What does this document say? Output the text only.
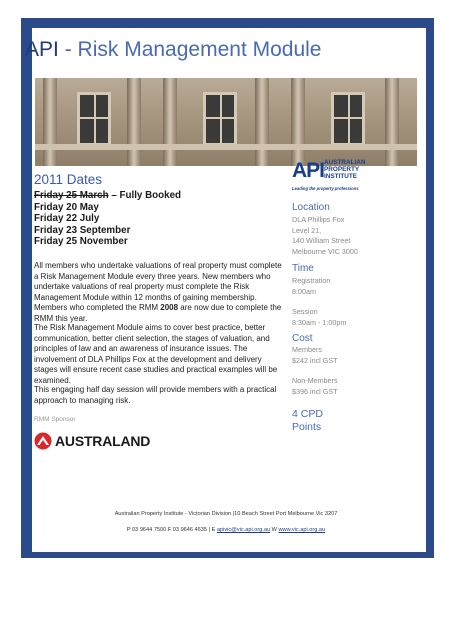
API - Risk Management Module
2011 Dates
Friday 25 March – Fully Booked
Friday 20 May
Friday 22 July
Friday 23 September
Friday 25 November
All members who undertake valuations of real property must complete a Risk Management Module every three years. New members who undertake valuations of real property must complete the Risk Management Module within 12 months of gaining membership. Members who completed the RMM 2008 are now due to complete the RMM this year.
The Risk Management Module aims to cover best practice, better communication, better client selection, the stages of valuation, and principles of law and an awareness of insurance issues. The involvement of DLA Phillips Fox at the development and delivery stages will ensure recent case studies and practical examples will be examined.
This engaging half day session will provide members with a practical approach to managing risk.
RMM Sponsor
AUSTRALAND
API AUSTRALIAN
PROPERTY
INSTITUTE
Leading the property professions
Location
DLA Phillips Fox
Level 21,
140 William Street
Melbourne VIC 3000
Time
Registration
8:00am
Session
8:30am - 1:00pm
Cost
Members
$242 incl GST
Non-Members
$396 incl GST
4 CPD
Points
Australian Property Institute - Victorian Division |10 Beach Street Port Melbourne Vic 3207
P 03 9644 7500 F 03 9646 4635 | E apivic@vic.api.org.au W www.vic.api.org.au
